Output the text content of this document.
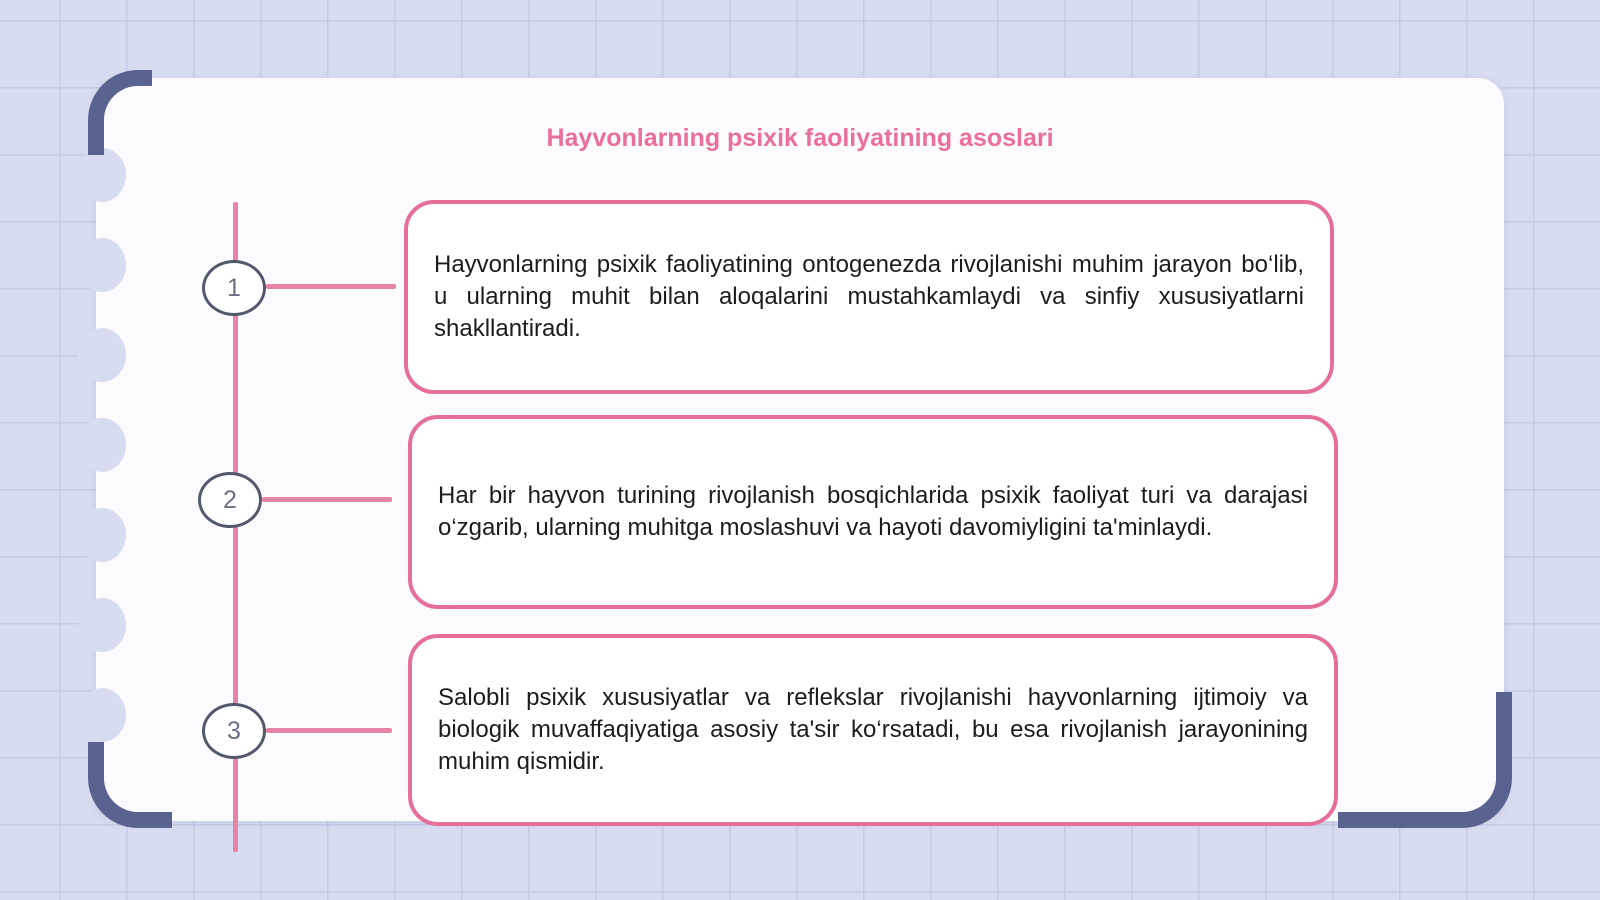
Hayvonlarning psixik faoliyatining asoslari
1
Hayvonlarning psixik faoliyatining ontogenezda rivojlanishi muhim jarayon bo‘lib, u ularning muhit bilan aloqalarini mustahkamlaydi va sinfiy xususiyatlarni shakllantiradi.
2	Har bir hayvon turining rivojlanish bosqichlarida psixik faoliyat turi va darajasi o‘zgarib, ularning muhitga moslashuvi va hayoti davomiyligini ta'minlaydi.
3
Salobli psixik xususiyatlar va reflekslar rivojlanishi hayvonlarning ijtimoiy va biologik muvaffaqiyatiga asosiy ta'sir ko‘rsatadi, bu esa rivojlanish jarayonining muhim qismidir.
